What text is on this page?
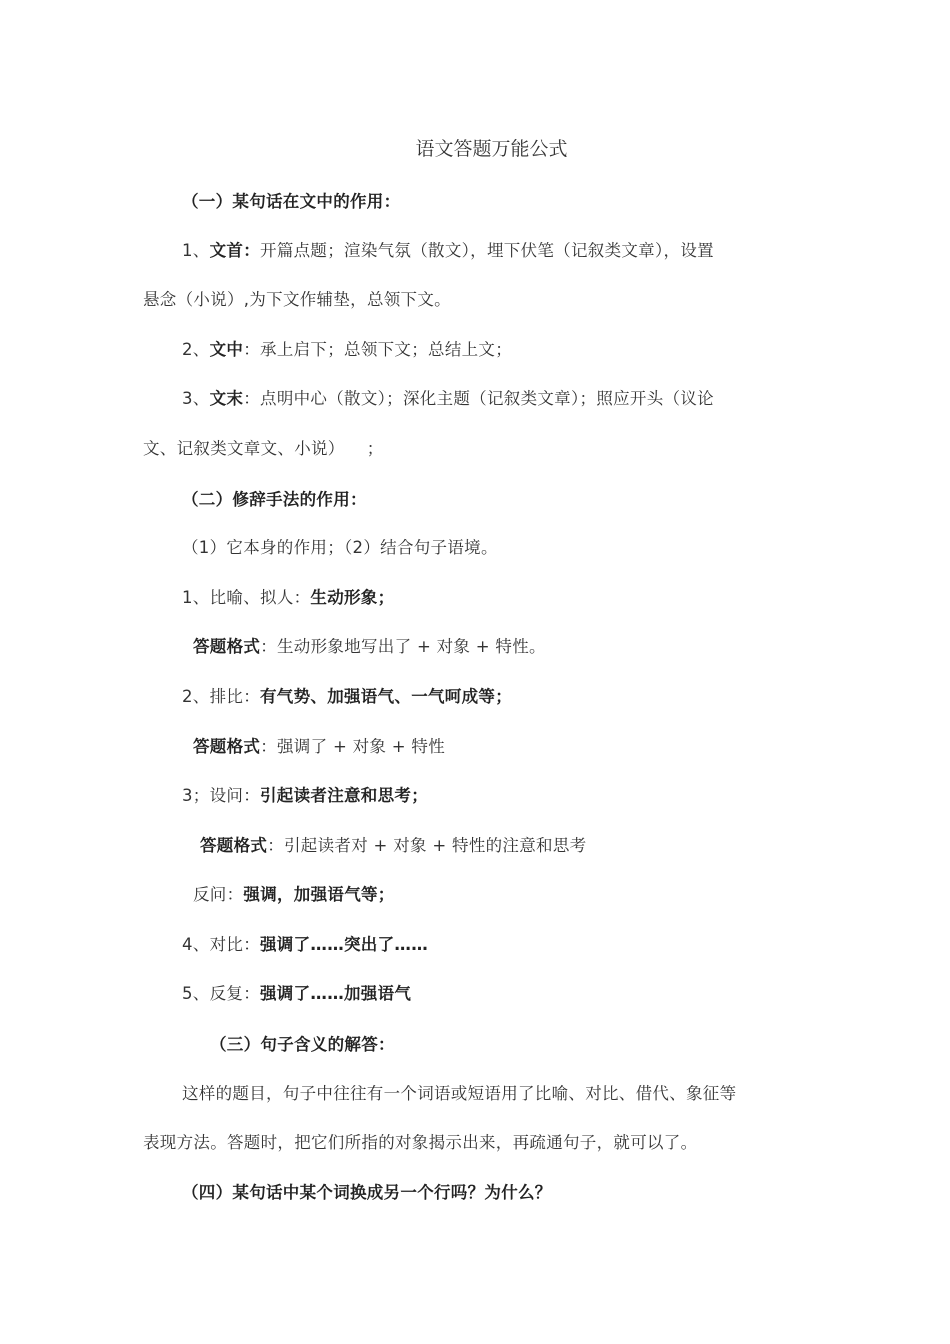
语文答题万能公式
（一）某句话在文中的作用：
1、文首：开篇点题；渲染气氛（散文），埋下伏笔（记叙类文章），设置
悬念（小说）,为下文作辅垫，总领下文。
2、文中：承上启下；总领下文；总结上文；
3、文末：点明中心（散文）；深化主题（记叙类文章）；照应开头（议论
文、记叙类文章文、小说）    ；
（二）修辞手法的作用：
（1）它本身的作用；（2）结合句子语境。
1、比喻、拟人：生动形象；
答题格式：生动形象地写出了 + 对象 + 特性。
2、排比：有气势、加强语气、一气呵成等；
答题格式：强调了 + 对象 + 特性
3；设问：引起读者注意和思考；
答题格式：引起读者对 + 对象 + 特性的注意和思考
反问：强调，加强语气等；
4、对比：强调了……突出了……
5、反复：强调了……加强语气
（三）句子含义的解答：
这样的题目，句子中往往有一个词语或短语用了比喻、对比、借代、象征等
表现方法。答题时，把它们所指的对象揭示出来，再疏通句子，就可以了。
（四）某句话中某个词换成另一个行吗？为什么？
